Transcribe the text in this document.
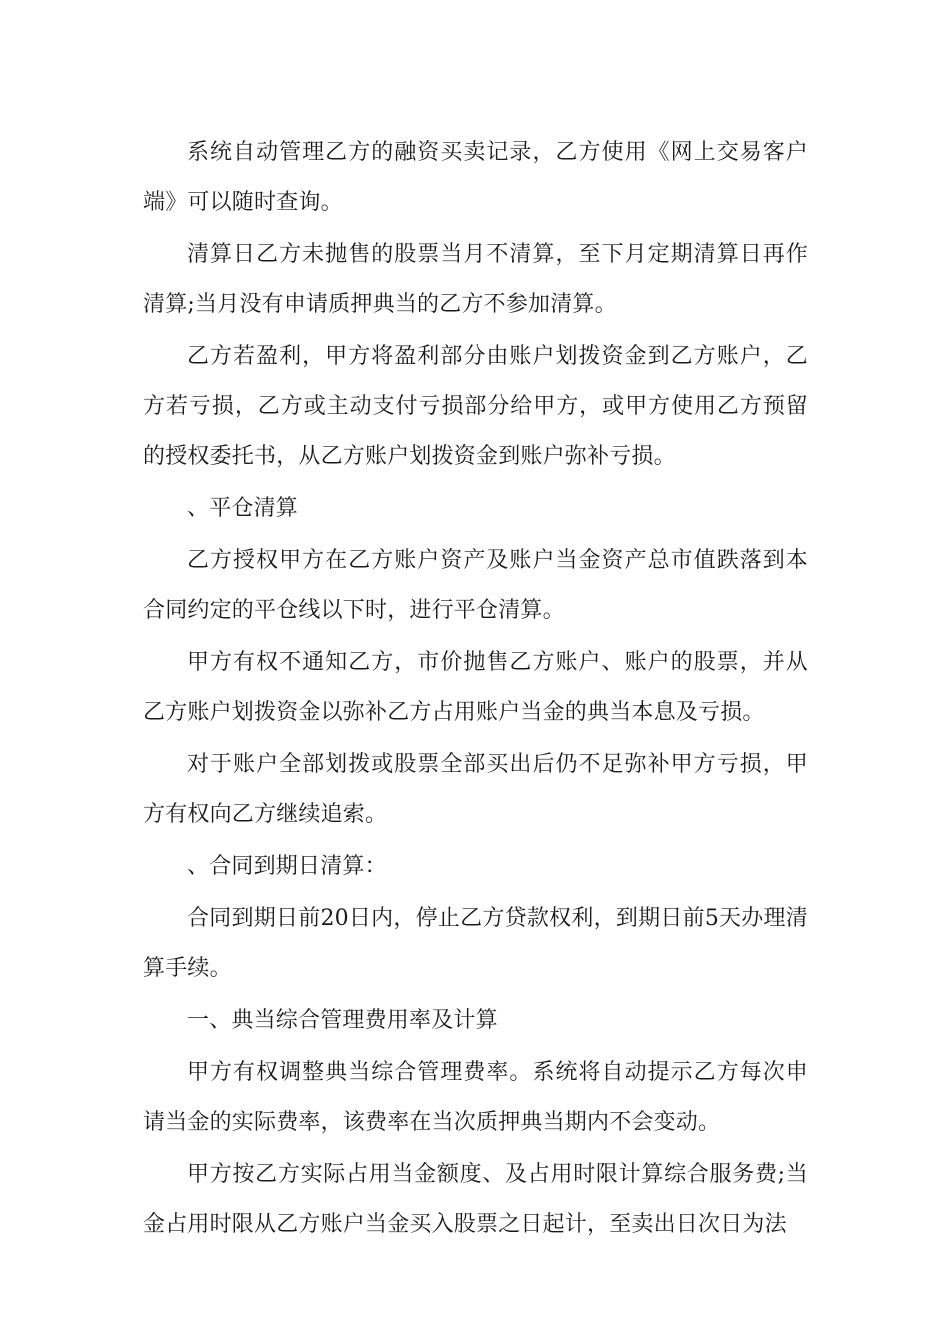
系统自动管理乙方的融资买卖记录，乙方使用《网上交易客户端》可以随时查询。

清算日乙方未抛售的股票当月不清算，至下月定期清算日再作清算;当月没有申请质押典当的乙方不参加清算。

乙方若盈利，甲方将盈利部分由账户划拨资金到乙方账户，乙方若亏损，乙方或主动支付亏损部分给甲方，或甲方使用乙方预留的授权委托书，从乙方账户划拨资金到账户弥补亏损。

、平仓清算

乙方授权甲方在乙方账户资产及账户当金资产总市值跌落到本合同约定的平仓线以下时，进行平仓清算。

甲方有权不通知乙方，市价抛售乙方账户、账户的股票，并从乙方账户划拨资金以弥补乙方占用账户当金的典当本息及亏损。

对于账户全部划拨或股票全部买出后仍不足弥补甲方亏损，甲方有权向乙方继续追索。

、合同到期日清算：

合同到期日前20日内，停止乙方贷款权利，到期日前5天办理清算手续。

一、典当综合管理费用率及计算

甲方有权调整典当综合管理费率。系统将自动提示乙方每次申请当金的实际费率，该费率在当次质押典当期内不会变动。

甲方按乙方实际占用当金额度、及占用时限计算综合服务费;当金占用时限从乙方账户当金买入股票之日起计，至卖出日次日为法
